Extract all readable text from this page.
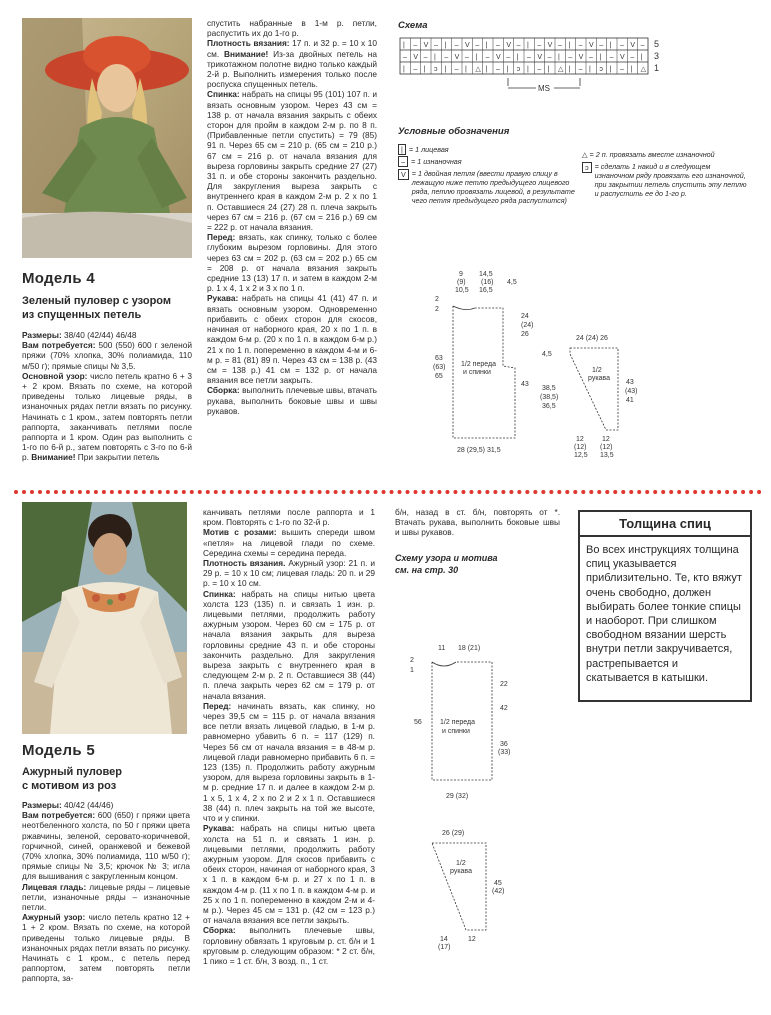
Модель 4
Зеленый пуловер с узором
из спущенных петель

Размеры: 38/40 (42/44) 46/48

Вам потребуется: 500 (550) 600 г зеленой пряжи (70% хлопка, 30% полиамида, 110 м/50 г); прямые спицы № 3,5.

Основной узор: число петель кратно 6 + 3 + 2 кром. Вязать по схеме, на которой приведены только лицевые ряды, в изнаночных рядах петли вязать по рисунку. Начинать с 1 кром., затем повторять петли раппорта, заканчивать петлями после раппорта и 1 кром. Один раз выполнить с 1-го по 6-й р., затем повторять с 3-го по 6-й р. Внимание! При закрытии петель

спустить набранные в 1-м р. петли, распустить их до 1-го р.

Плотность вязания: 17 п. и 32 р. = 10 х 10 см. Внимание! Из-за двойных петель на трикотажном полотне видно только каждый 2-й р. Выполнить измерения только после роспуска спущенных петель.

Спинка: набрать на спицы 95 (101) 107 п. и вязать основным узором. Через 43 см = 138 р. от начала вязания закрыть с обеих сторон для пройм в каждом 2-м р. по 8 п. (Прибавленные петли спустить) = 79 (85) 91 п. Через 65 см = 210 р. (65 см = 210 р.) 67 см = 216 р. от начала вязания для выреза горловины закрыть средние 27 (27) 31 п. и обе стороны закончить раздельно. Для закругления выреза закрыть с внутреннего края в каждом 2-м р. 2 х по 1 п. Оставшиеся 24 (27) 28 п. плеча закрыть через 67 см = 216 р. (67 см = 216 р.) 69 см = 222 р. от начала вязания.

Перед: вязать, как спинку, только с более глубоким вырезом горловины. Для этого через 63 см = 202 р. (63 см = 202 р.) 65 см = 208 р. от начала вязания закрыть средние 13 (13) 17 п. и затем в каждом 2-м р. 1 х 4, 1 х 2 и 3 х по 1 п.

Рукава: набрать на спицы 41 (41) 47 п. и вязать основным узором. Одновременно прибавить с обеих сторон для скосов, начиная от наборного края, 20 х по 1 п. в каждом 6-м р. (20 х по 1 п. в каждом 6-м р.) 21 х по 1 п. попеременно в каждом 4-м и 6-м р. = 81 (81) 89 п. Через 43 см = 138 р. (43 см = 138 р.) 41 см = 132 р. от начала вязания все петли закрыть.

Сборка: выполнить плечевые швы, втачать рукава, выполнить боковые швы и швы рукавов.

Схема
| – V – | – V – | – V – | – V – | – V – | – V –
– V – | – V – | – V – | – V – | – V – | – V – |
| – | ↄ | – | △ | – | ↄ | – | △ | – | ↄ | – | △
5
3
1
MS
Условные обозначения
| = 1 лицевая
– = 1 изнаночная
V = 1 двойная петля (ввести правую спицу в лежащую ниже петлю предыдущего лицевого ряда, петлю провязать лицевой, в результате чего петля предыдущего ряда распустится)
△ = 2 п. провязать вместе изнаночной
ↄ = сделать 1 накид и в следующем изнаночном ряду провязать его изнаночной, при закрытии петель спустить эту петлю и распустить ее до 1-го р.
9
(9)
10,5
14,5
(16)
16,5
4,5
2
2
24
(24)
26
43
63
(63)
65
1/2 переда
и спинки
28 (29,5) 31,5
24 (24) 26
4,5
38,5
(38,5)
36,5
43
(43)
41
1/2
рукава
12
(12)
12,5
12
(12)
13,5
Модель 5
Ажурный пуловер
с мотивом из роз

Размеры: 40/42 (44/46)

Вам потребуется: 600 (650) г пряжи цвета неотбеленного холста, по 50 г пряжи цвета ржавчины, зеленой, серовато-коричневой, горчичной, синей, оранжевой и бежевой (70% хлопка, 30% полиамида, 110 м/50 г); прямые спицы № 3,5; крючок № 3; игла для вышивания с закругленным концом.

Лицевая гладь: лицевые ряды – лицевые петли, изнаночные ряды – изнаночные петли.

Ажурный узор: число петель кратно 12 + 1 + 2 кром. Вязать по схеме, на которой приведены только лицевые ряды. В изнаночных рядах петли вязать по рисунку. Начинать с 1 кром., с петель перед раппортом, затем повторять петли раппорта, за-

канчивать петлями после раппорта и 1 кром. Повторять с 1-го по 32-й р.

Мотив с розами: вышить спереди швом «петля» на лицевой глади по схеме. Середина схемы = середина переда.

Плотность вязания. Ажурный узор: 21 п. и 29 р. = 10 х 10 см; лицевая гладь: 20 п. и 29 р. = 10 х 10 см.

Спинка: набрать на спицы нитью цвета холста 123 (135) п. и связать 1 изн. р. лицевыми петлями, продолжить работу ажурным узором. Через 60 см = 175 р. от начала вязания закрыть для выреза горловины средние 43 п. и обе стороны закончить раздельно. Для закругления выреза закрыть с внутреннего края в следующем 2-м р. 2 п. Оставшиеся 38 (44) п. плеча закрыть через 62 см = 179 р. от начала вязания.

Перед: начинать вязать, как спинку, но через 39,5 см = 115 р. от начала вязания все петли вязать лицевой гладью, в 1-м р. равномерно убавить 6 п. = 117 (129) п. Через 56 см от начала вязания = в 48-м р. лицевой глади равномерно прибавить 6 п. = 123 (135) п. Продолжить работу ажурным узором, для выреза горловины закрыть в 1-м р. средние 17 п. и далее в каждом 2-м р. 1 х 5, 1 х 4, 2 х по 2 и 2 х 1 п. Оставшиеся 38 (44) п. плеч закрыть на той же высоте, что и у спинки.

Рукава: набрать на спицы нитью цвета холста на 51 п. и связать 1 изн. р. лицевыми петлями, продолжить работу ажурным узором. Для скосов прибавить с обеих сторон, начиная от наборного края, 3 х 1 п. в каждом 6-м р. и 27 х по 1 п. в каждом 4-м р. (11 х по 1 п. в каждом 4-м р. и 25 х по 1 п. попеременно в каждом 2-м и 4-м р.). Через 45 см = 131 р. (42 см = 123 р.) от начала вязания все петли закрыть.

Сборка: выполнить плечевые швы, горловину обвязать 1 круговым р. ст. б/н и 1 круговым р. следующим образом: * 2 ст. б/н, 1 пико = 1 ст. б/н, 3 возд. п., 1 ст.

б/н, назад в ст. б/н, повторять от *. Втачать рукава, выполнить боковые швы и швы рукавов.
Схему узора и мотива
см. на стр. 30
Толщина спиц
Во всех инструкциях толщина спиц указывается приблизительно. Те, кто вяжут очень свободно, должен выбирать более тонкие спицы и наоборот. При слишком свободном вязании шерсть внутри петли закручивается, растрепывается и скатывается в катышки.
11 18 (21)
2
1
22
42
36
(33)
56	1/2 переда
и спинки
29 (32)
26 (29)
1/2
рукава
45
(42)
14
(17)
12
